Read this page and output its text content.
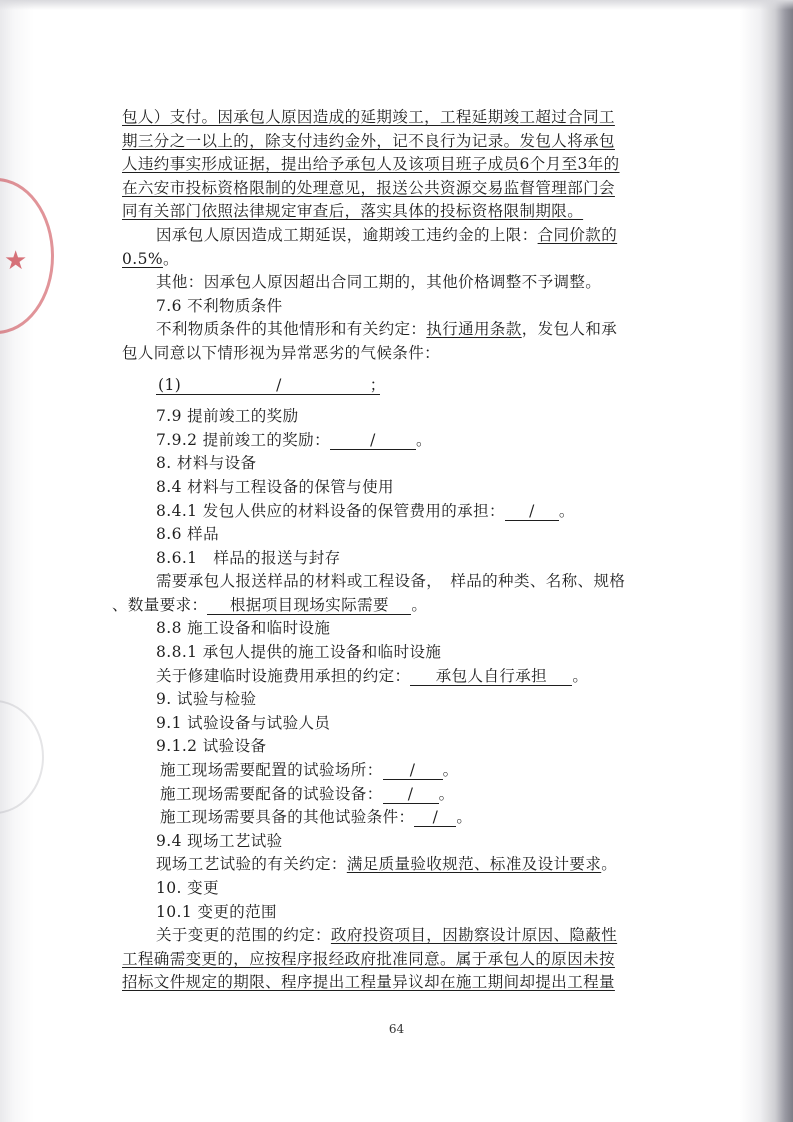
★
包人）支付。因承包人原因造成的延期竣工，工程延期竣工超过合同工
期三分之一以上的，除支付违约金外，记不良行为记录。发包人将承包
人违约事实形成证据，提出给予承包人及该项目班子成员6个月至3年的
在六安市投标资格限制的处理意见，报送公共资源交易监督管理部门会
同有关部门依照法律规定审查后，落实具体的投标资格限制期限。
因承包人原因造成工期延误，逾期竣工违约金的上限：合同价款的
0.5%。
其他：因承包人原因超出合同工期的，其他价格调整不予调整。
7.6 不利物质条件
不利物质条件的其他情形和有关约定：执行通用条款，发包人和承
包人同意以下情形视为异常恶劣的气候条件：
(1)	/	；
7.9 提前竣工的奖励
7.9.2 提前竣工的奖励：	/	。
8. 材料与设备
8.4 材料与工程设备的保管与使用
8.4.1 发包人供应的材料设备的保管费用的承担： / 。
8.6 样品
8.6.1　样品的报送与封存
需要承包人报送样品的材料或工程设备，　样品的种类、名称、规格
、数量要求： 根据项目现场实际需要 。
8.8 施工设备和临时设施
8.8.1 承包人提供的施工设备和临时设施
关于修建临时设施费用承担的约定： 承包人自行承担 。
9. 试验与检验
9.1 试验设备与试验人员
9.1.2 试验设备
施工现场需要配置的试验场所： / 。
施工现场需要配备的试验设备： / 。
施工现场需要具备的其他试验条件： / 。
9.4 现场工艺试验
现场工艺试验的有关约定：满足质量验收规范、标准及设计要求。
10. 变更
10.1 变更的范围
关于变更的范围的约定：政府投资项目，因勘察设计原因、隐蔽性
工程确需变更的，应按程序报经政府批准同意。属于承包人的原因未按
招标文件规定的期限、程序提出工程量异议却在施工期间却提出工程量
64
